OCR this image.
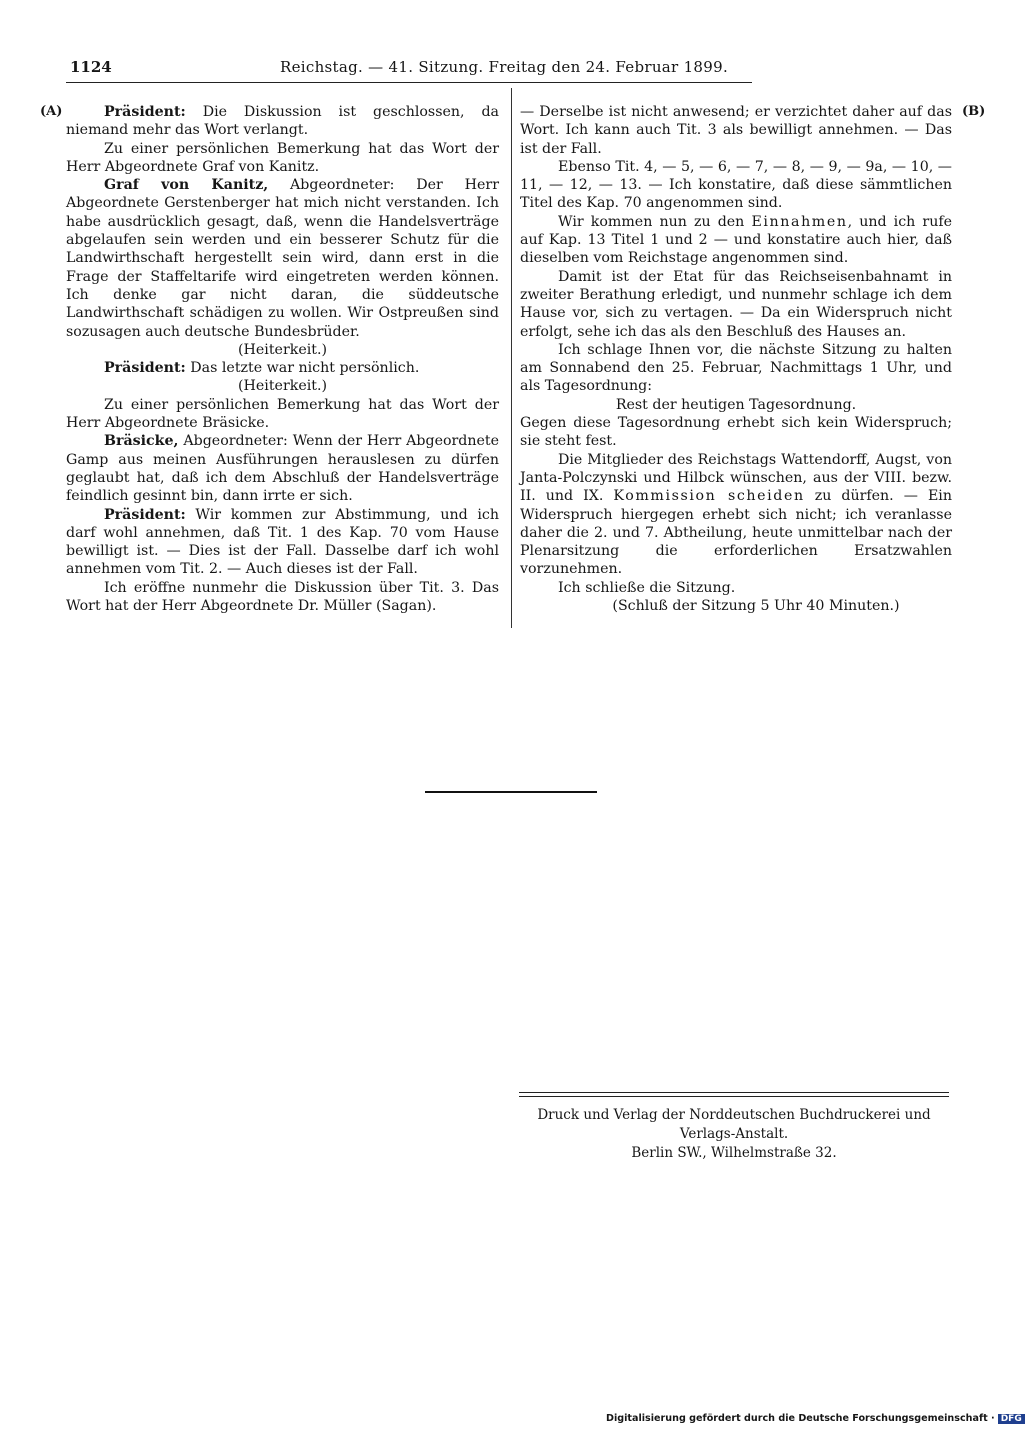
1124	Reichstag. — 41. Sitzung. Freitag den 24. Februar 1899.
(A)	(B)

Präsident: Die Diskussion ist geschlossen, da niemand mehr das Wort verlangt.

Zu einer persönlichen Bemerkung hat das Wort der Herr Abgeordnete Graf von Kanitz.

Graf von Kanitz, Abgeordneter: Der Herr Abgeordnete Gerstenberger hat mich nicht verstanden. Ich habe ausdrücklich gesagt, daß, wenn die Handelsverträge abgelaufen sein werden und ein besserer Schutz für die Landwirthschaft hergestellt sein wird, dann erst in die Frage der Staffeltarife wird eingetreten werden können. Ich denke gar nicht daran, die süddeutsche Landwirthschaft schädigen zu wollen. Wir Ostpreußen sind sozusagen auch deutsche Bundesbrüder.

(Heiterkeit.)

Präsident: Das letzte war nicht persönlich.

(Heiterkeit.)

Zu einer persönlichen Bemerkung hat das Wort der Herr Abgeordnete Bräsicke.

Bräsicke, Abgeordneter: Wenn der Herr Abgeordnete Gamp aus meinen Ausführungen herauslesen zu dürfen geglaubt hat, daß ich dem Abschluß der Handelsverträge feindlich gesinnt bin, dann irrte er sich.

Präsident: Wir kommen zur Abstimmung, und ich darf wohl annehmen, daß Tit. 1 des Kap. 70 vom Hause bewilligt ist. — Dies ist der Fall. Dasselbe darf ich wohl annehmen vom Tit. 2. — Auch dieses ist der Fall.

Ich eröffne nunmehr die Diskussion über Tit. 3. Das Wort hat der Herr Abgeordnete Dr. Müller (Sagan).

— Derselbe ist nicht anwesend; er verzichtet daher auf das Wort. Ich kann auch Tit. 3 als bewilligt annehmen. — Das ist der Fall.

Ebenso Tit. 4, — 5, — 6, — 7, — 8, — 9, — 9a, — 10, — 11, — 12, — 13. — Ich konstatire, daß diese sämmtlichen Titel des Kap. 70 angenommen sind.

Wir kommen nun zu den Einnahmen, und ich rufe auf Kap. 13 Titel 1 und 2 — und konstatire auch hier, daß dieselben vom Reichstage angenommen sind.

Damit ist der Etat für das Reichseisenbahnamt in zweiter Berathung erledigt, und nunmehr schlage ich dem Hause vor, sich zu vertagen. — Da ein Widerspruch nicht erfolgt, sehe ich das als den Beschluß des Hauses an.

Ich schlage Ihnen vor, die nächste Sitzung zu halten am Sonnabend den 25. Februar, Nachmittags 1 Uhr, und als Tagesordnung:

Rest der heutigen Tagesordnung.

Gegen diese Tagesordnung erhebt sich kein Widerspruch; sie steht fest.

Die Mitglieder des Reichstags Wattendorff, Augst, von Janta-Polczynski und Hilbck wünschen, aus der VIII. bezw. II. und IX. Kommission scheiden zu dürfen. — Ein Widerspruch hiergegen erhebt sich nicht; ich veranlasse daher die 2. und 7. Abtheilung, heute unmittelbar nach der Plenarsitzung die erforderlichen Ersatzwahlen vorzunehmen.

Ich schließe die Sitzung.

(Schluß der Sitzung 5 Uhr 40 Minuten.)

Druck und Verlag der Norddeutschen Buchdruckerei und Verlags-Anstalt.

Berlin SW., Wilhelmstraße 32.

Digitalisierung gefördert durch die Deutsche Forschungsgemeinschaft · DFG
